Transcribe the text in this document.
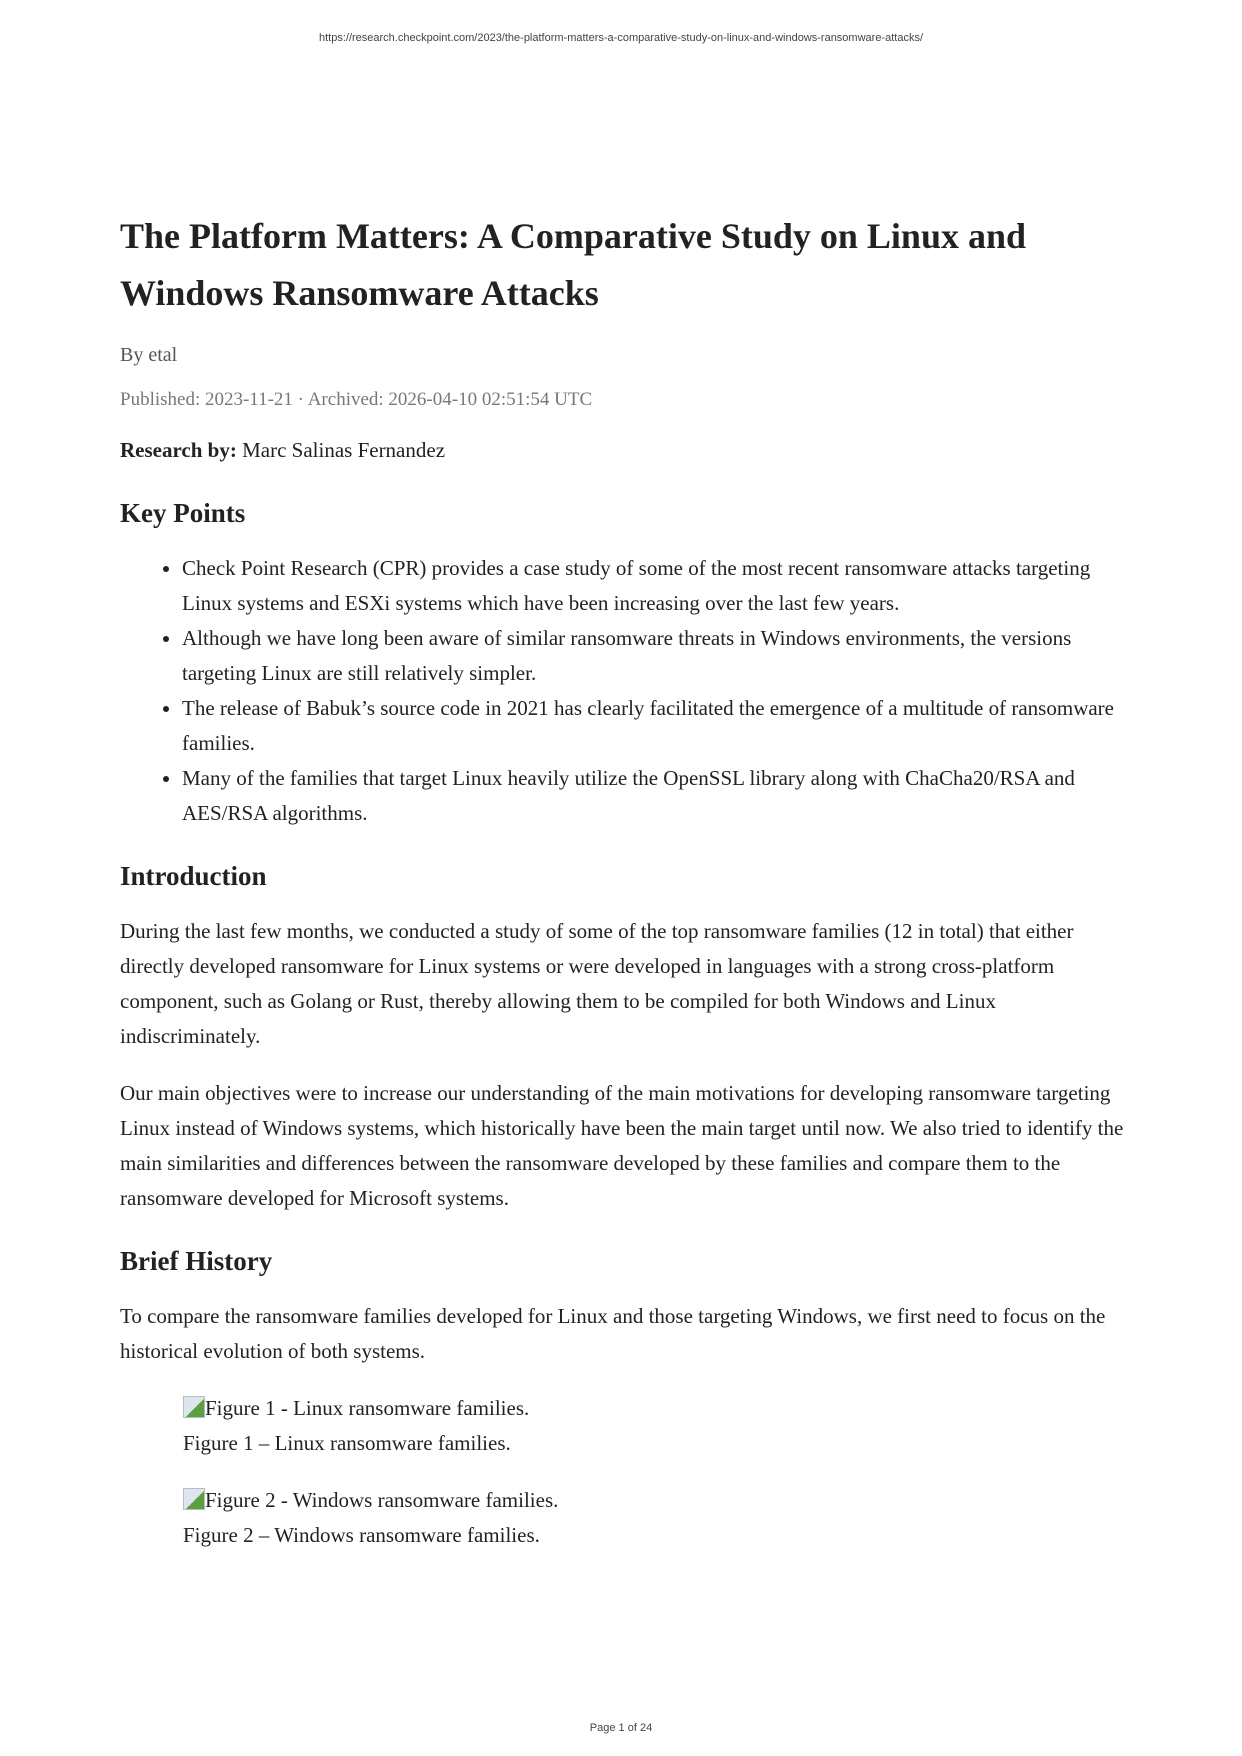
https://research.checkpoint.com/2023/the-platform-matters-a-comparative-study-on-linux-and-windows-ransomware-attacks/
The Platform Matters: A Comparative Study on Linux and Windows Ransomware Attacks
By etal
Published: 2023-11-21 · Archived: 2026-04-10 02:51:54 UTC

Research by: Marc Salinas Fernandez

Key Points
• Check Point Research (CPR) provides a case study of some of the most recent ransomware attacks targeting Linux systems and ESXi systems which have been increasing over the last few years.
• Although we have long been aware of similar ransomware threats in Windows environments, the versions targeting Linux are still relatively simpler.
• The release of Babuk’s source code in 2021 has clearly facilitated the emergence of a multitude of ransomware families.
• Many of the families that target Linux heavily utilize the OpenSSL library along with ChaCha20/RSA and AES/RSA algorithms.
Introduction

During the last few months, we conducted a study of some of the top ransomware families (12 in total) that either directly developed ransomware for Linux systems or were developed in languages with a strong cross-platform component, such as Golang or Rust, thereby allowing them to be compiled for both Windows and Linux indiscriminately.

Our main objectives were to increase our understanding of the main motivations for developing ransomware targeting Linux instead of Windows systems, which historically have been the main target until now. We also tried to identify the main similarities and differences between the ransomware developed by these families and compare them to the ransomware developed for Microsoft systems.

Brief History

To compare the ransomware families developed for Linux and those targeting Windows, we first need to focus on the historical evolution of both systems.

Figure 1 - Linux ransomware families.
Figure 1 – Linux ransomware families.
Figure 2 - Windows ransomware families.
Figure 2 – Windows ransomware families.
Page 1 of 24
